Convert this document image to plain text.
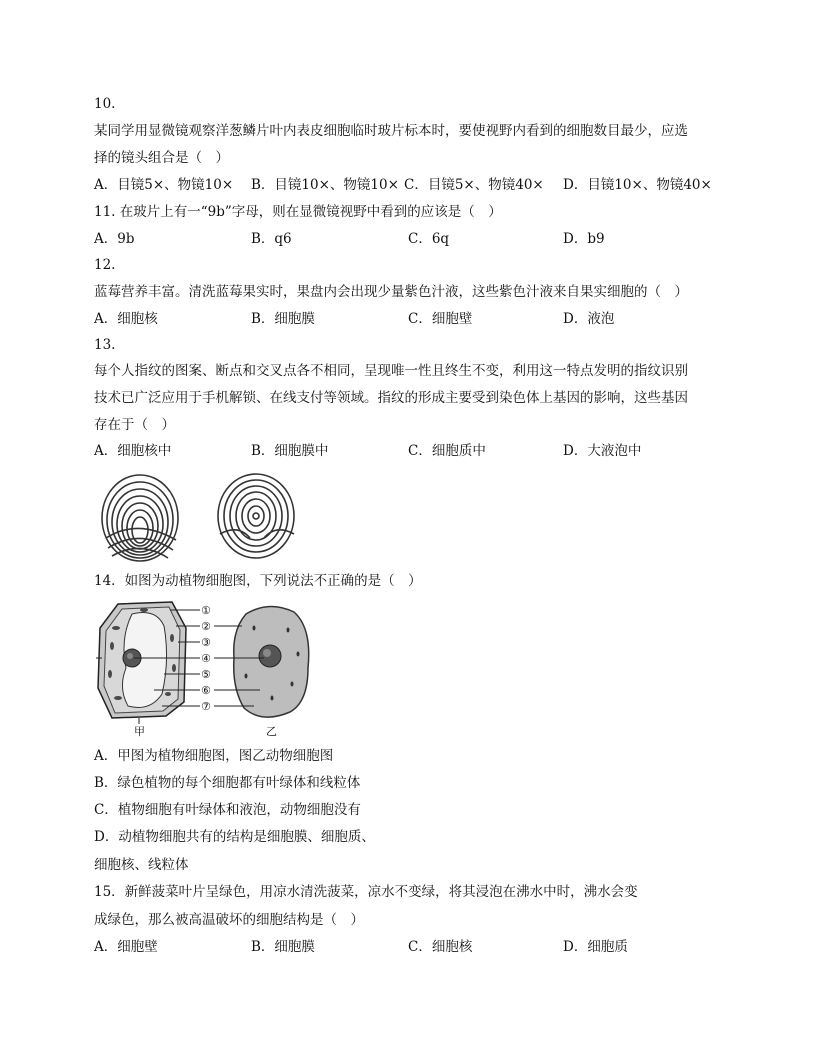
10.
某同学用显微镜观察洋葱鳞片叶内表皮细胞临时玻片标本时，要使视野内看到的细胞数目最少，应选
择的镜头组合是（　）
A．目镜5×、物镜10× B．目镜10×、物镜10× C．目镜5×、物镜40× D．目镜10×、物镜40×
11. 在玻片上有一“9b”字母，则在显微镜视野中看到的应该是（　）
A．9b	B．q6	C．6q	D．b9
12.
蓝莓营养丰富。清洗蓝莓果实时，果盘内会出现少量紫色汁液，这些紫色汁液来自果实细胞的（　）
A．细胞核	B．细胞膜	C．细胞壁	D．液泡
13.
每个人指纹的图案、断点和交叉点各不相同，呈现唯一性且终生不变，利用这一特点发明的指纹识别
技术已广泛应用于手机解锁、在线支付等领域。指纹的形成主要受到染色体上基因的影响，这些基因
存在于（　）
A．细胞核中	B．细胞膜中	C．细胞质中	D．大液泡中
14．如图为动植物细胞图，下列说法不正确的是（　）
①
②
③
④
⑤
⑥
⑦
甲	乙
A．甲图为植物细胞图，图乙动物细胞图
B．绿色植物的每个细胞都有叶绿体和线粒体
C．植物细胞有叶绿体和液泡，动物细胞没有
D．动植物细胞共有的结构是细胞膜、细胞质、
细胞核、线粒体
15．新鲜菠菜叶片呈绿色，用凉水清洗菠菜，凉水不变绿，将其浸泡在沸水中时，沸水会变
成绿色，那么被高温破坏的细胞结构是（　）
A．细胞壁	B．细胞膜	C．细胞核	D．细胞质
